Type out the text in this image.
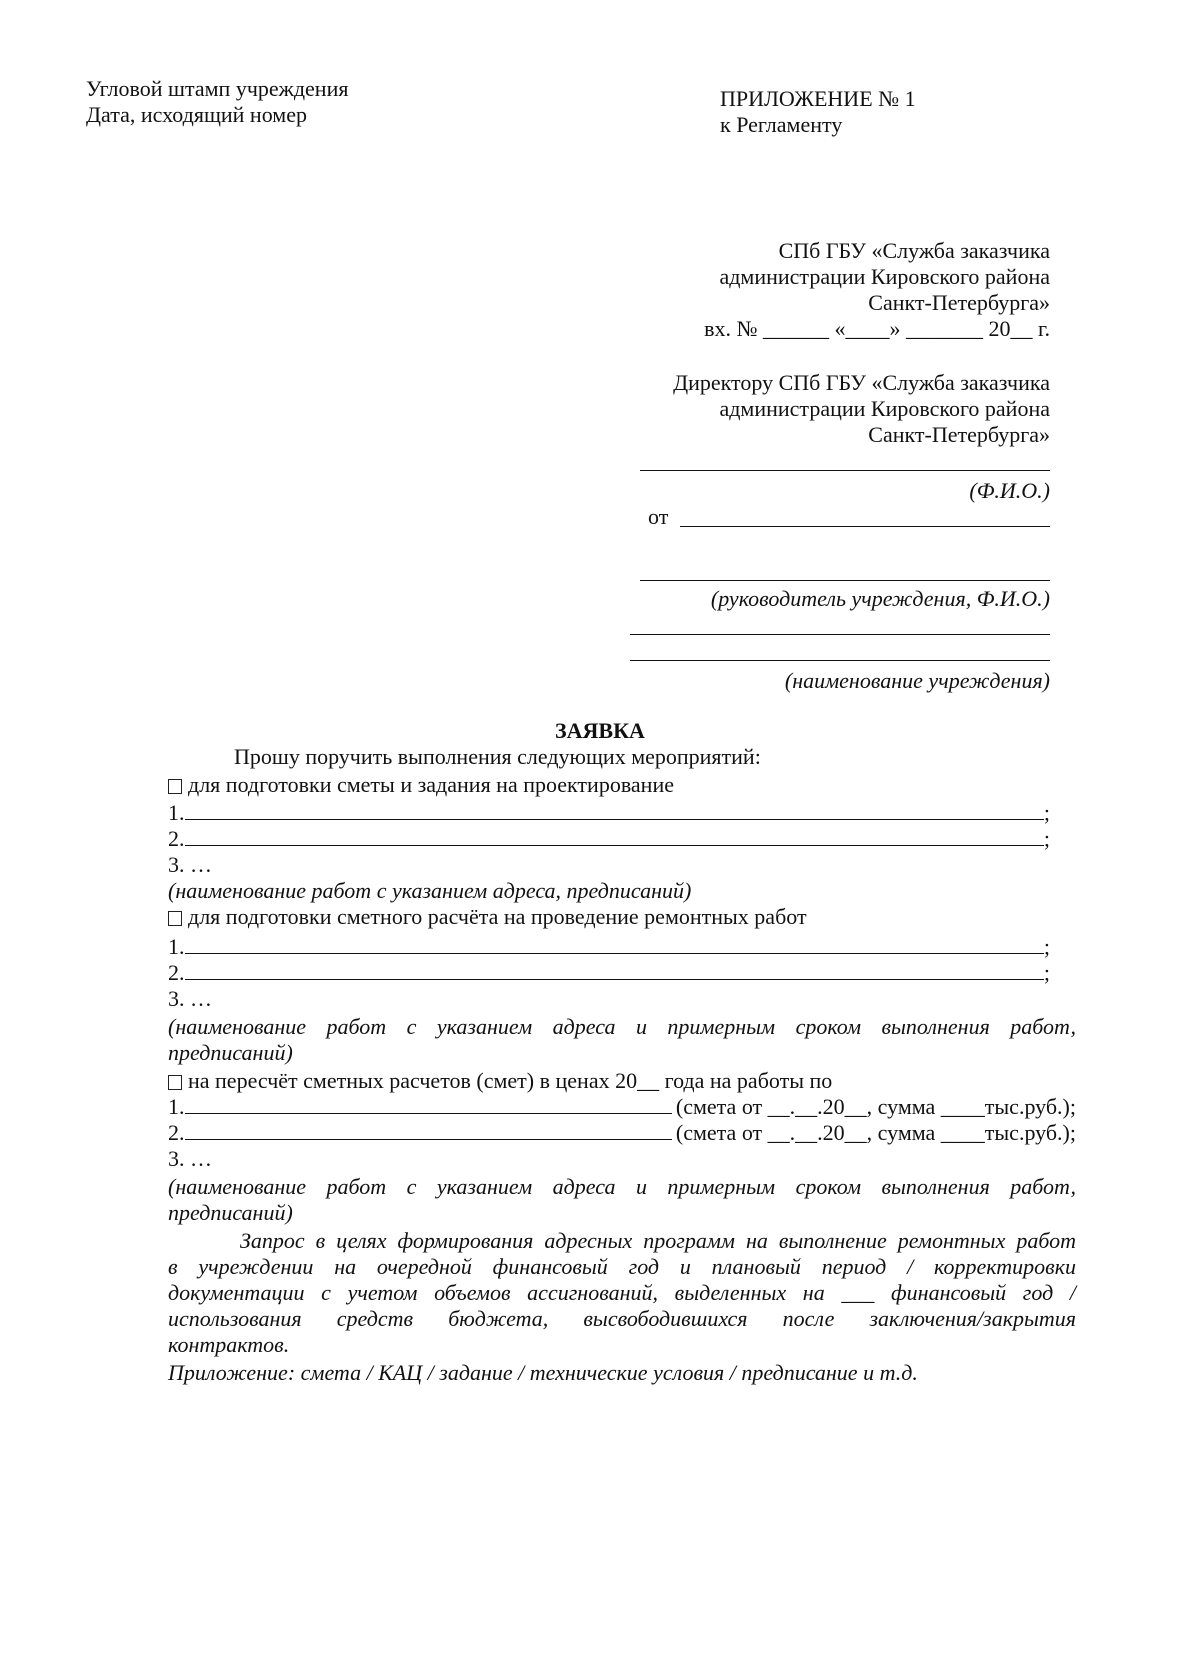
Угловой штамп учреждения
Дата, исходящий номер
ПРИЛОЖЕНИЕ № 1
к Регламенту
СПб ГБУ «Служба заказчика
администрации Кировского района
Санкт-Петербурга»
вх. № ______ «____» _______ 20__ г.
Директору СПб ГБУ «Служба заказчика
администрации Кировского района
Санкт-Петербурга»
(Ф.И.О.)
от
(руководитель учреждения, Ф.И.О.)
(наименование учреждения)
ЗАЯВКА
Прошу поручить выполнения следующих мероприятий:
для подготовки сметы и задания на проектирование
1.	;
2.	;
3. …
(наименование работ с указанием адреса, предписаний)
для подготовки сметного расчёта на проведение ремонтных работ
1.	;
2.	;
3. …
(наименование работ с указанием адреса и примерным сроком выполнения работ,
предписаний)
на пересчёт сметных расчетов (смет) в ценах 20__ года на работы по
1.	(смета от __.__.20__, сумма ____тыс.руб.);
2.	(смета от __.__.20__, сумма ____тыс.руб.);
3. …
(наименование работ с указанием адреса и примерным сроком выполнения работ,
предписаний)
Запрос в целях формирования адресных программ на выполнение ремонтных работ
в учреждении на очередной финансовый год и плановый период / корректировки
документации с учетом объемов ассигнований, выделенных на ___ финансовый год /
использования средств бюджета, высвободившихся после заключения/закрытия
контрактов.
Приложение: смета / КАЦ / задание / технические условия / предписание и т.д.
